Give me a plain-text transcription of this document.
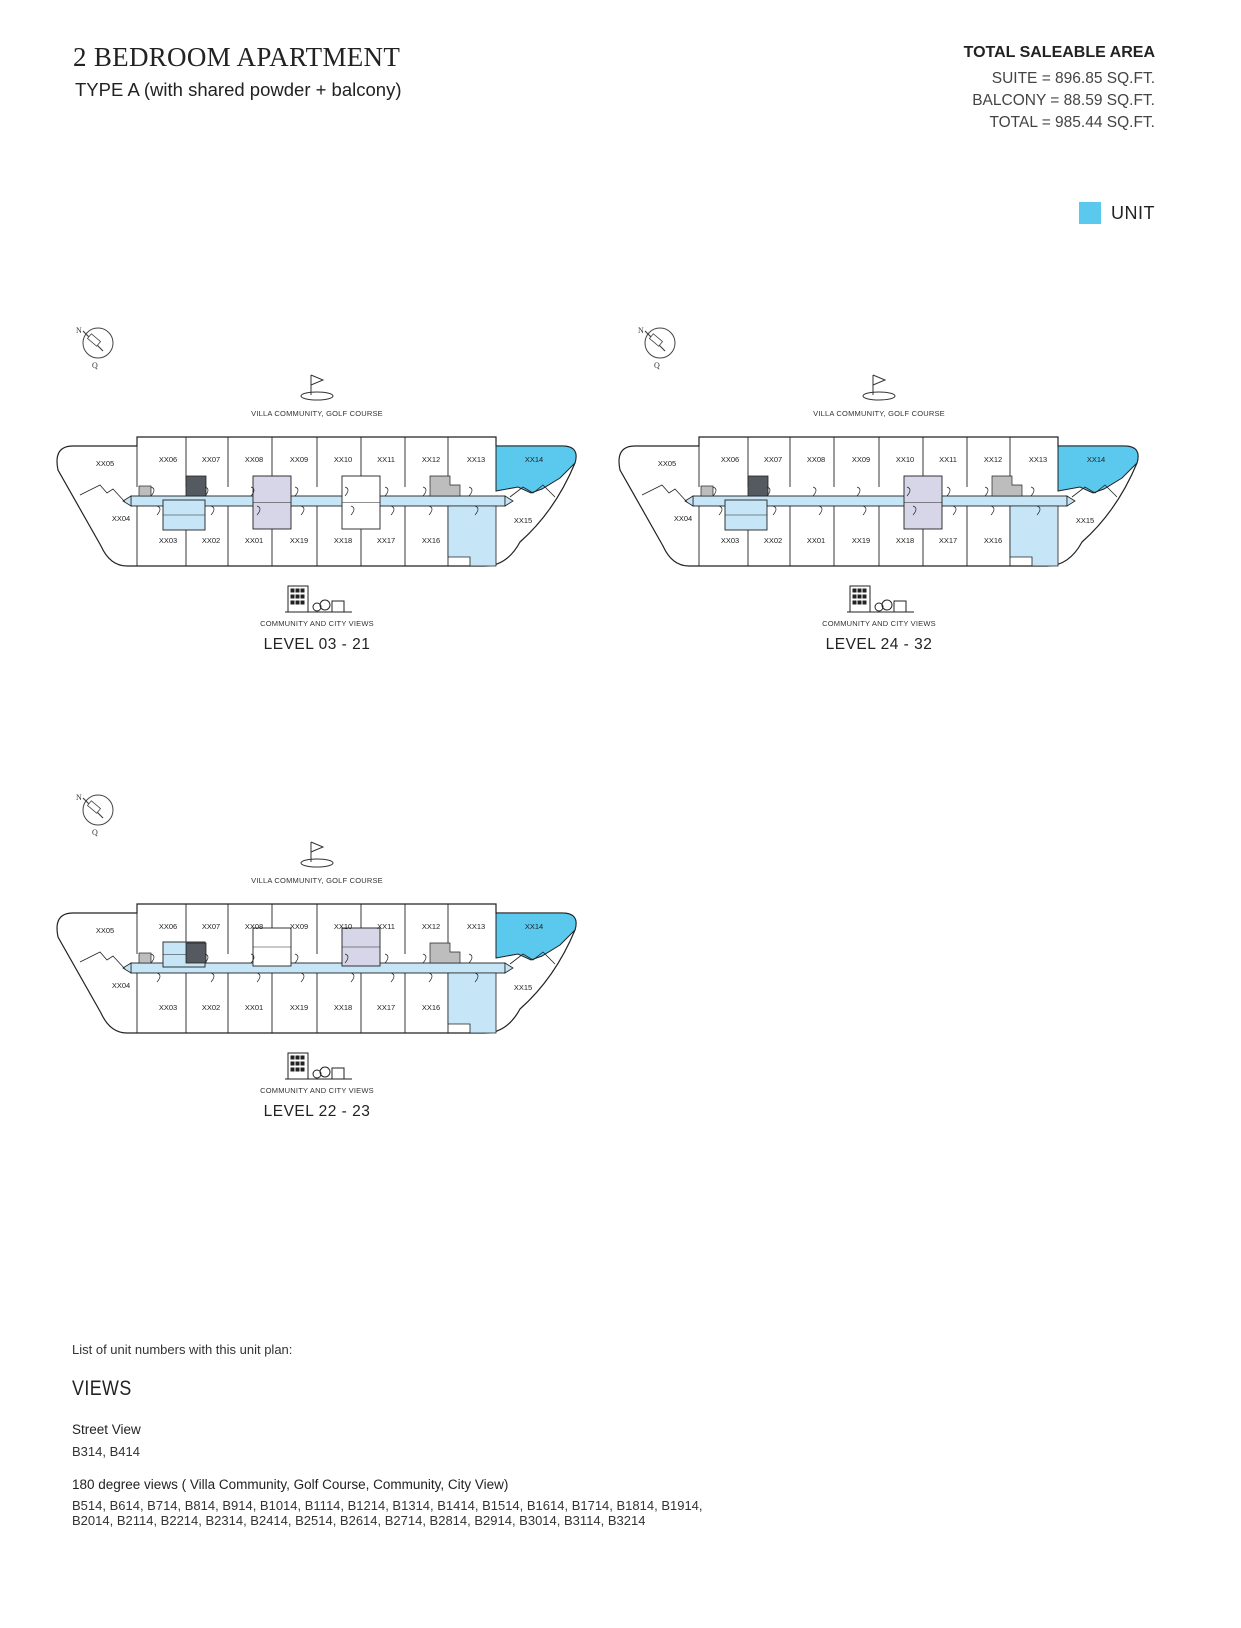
2 BEDROOM APARTMENT
TYPE A (with shared powder + balcony)
TOTAL SALEABLE AREA
SUITE = 896.85 SQ.FT.
BALCONY = 88.59 SQ.FT.
TOTAL = 985.44 SQ.FT.
UNIT
N
Q
XX05	XX06	XX07	XX08	XX09	XX10	XX11	XX12	XX13	XX14
XX04	XX15
XX03	XX02	XX01	XX19	XX18	XX17	XX16
VILLA COMMUNITY, GOLF COURSE
COMMUNITY AND CITY VIEWS
LEVEL 03 - 21
N
Q
XX05	XX06	XX07	XX08	XX09	XX10	XX11	XX12	XX13	XX14
XX04	XX15
XX03	XX02	XX01	XX19	XX18	XX17	XX16
VILLA COMMUNITY, GOLF COURSE
COMMUNITY AND CITY VIEWS
LEVEL 24 - 32
N
Q
XX05	XX06	XX07	XX08	XX09	XX10	XX11	XX12	XX13	XX14
XX04	XX15
XX03	XX02	XX01	XX19	XX18	XX17	XX16
VILLA COMMUNITY, GOLF COURSE
COMMUNITY AND CITY VIEWS
LEVEL 22 - 23
List of unit numbers with this unit plan:
VIEWS
Street View
B314, B414
180 degree views ( Villa Community, Golf Course, Community, City View)
B514, B614, B714, B814, B914, B1014, B1114, B1214, B1314, B1414, B1514, B1614, B1714, B1814, B1914,
B2014, B2114, B2214, B2314, B2414, B2514, B2614, B2714, B2814, B2914, B3014, B3114, B3214
